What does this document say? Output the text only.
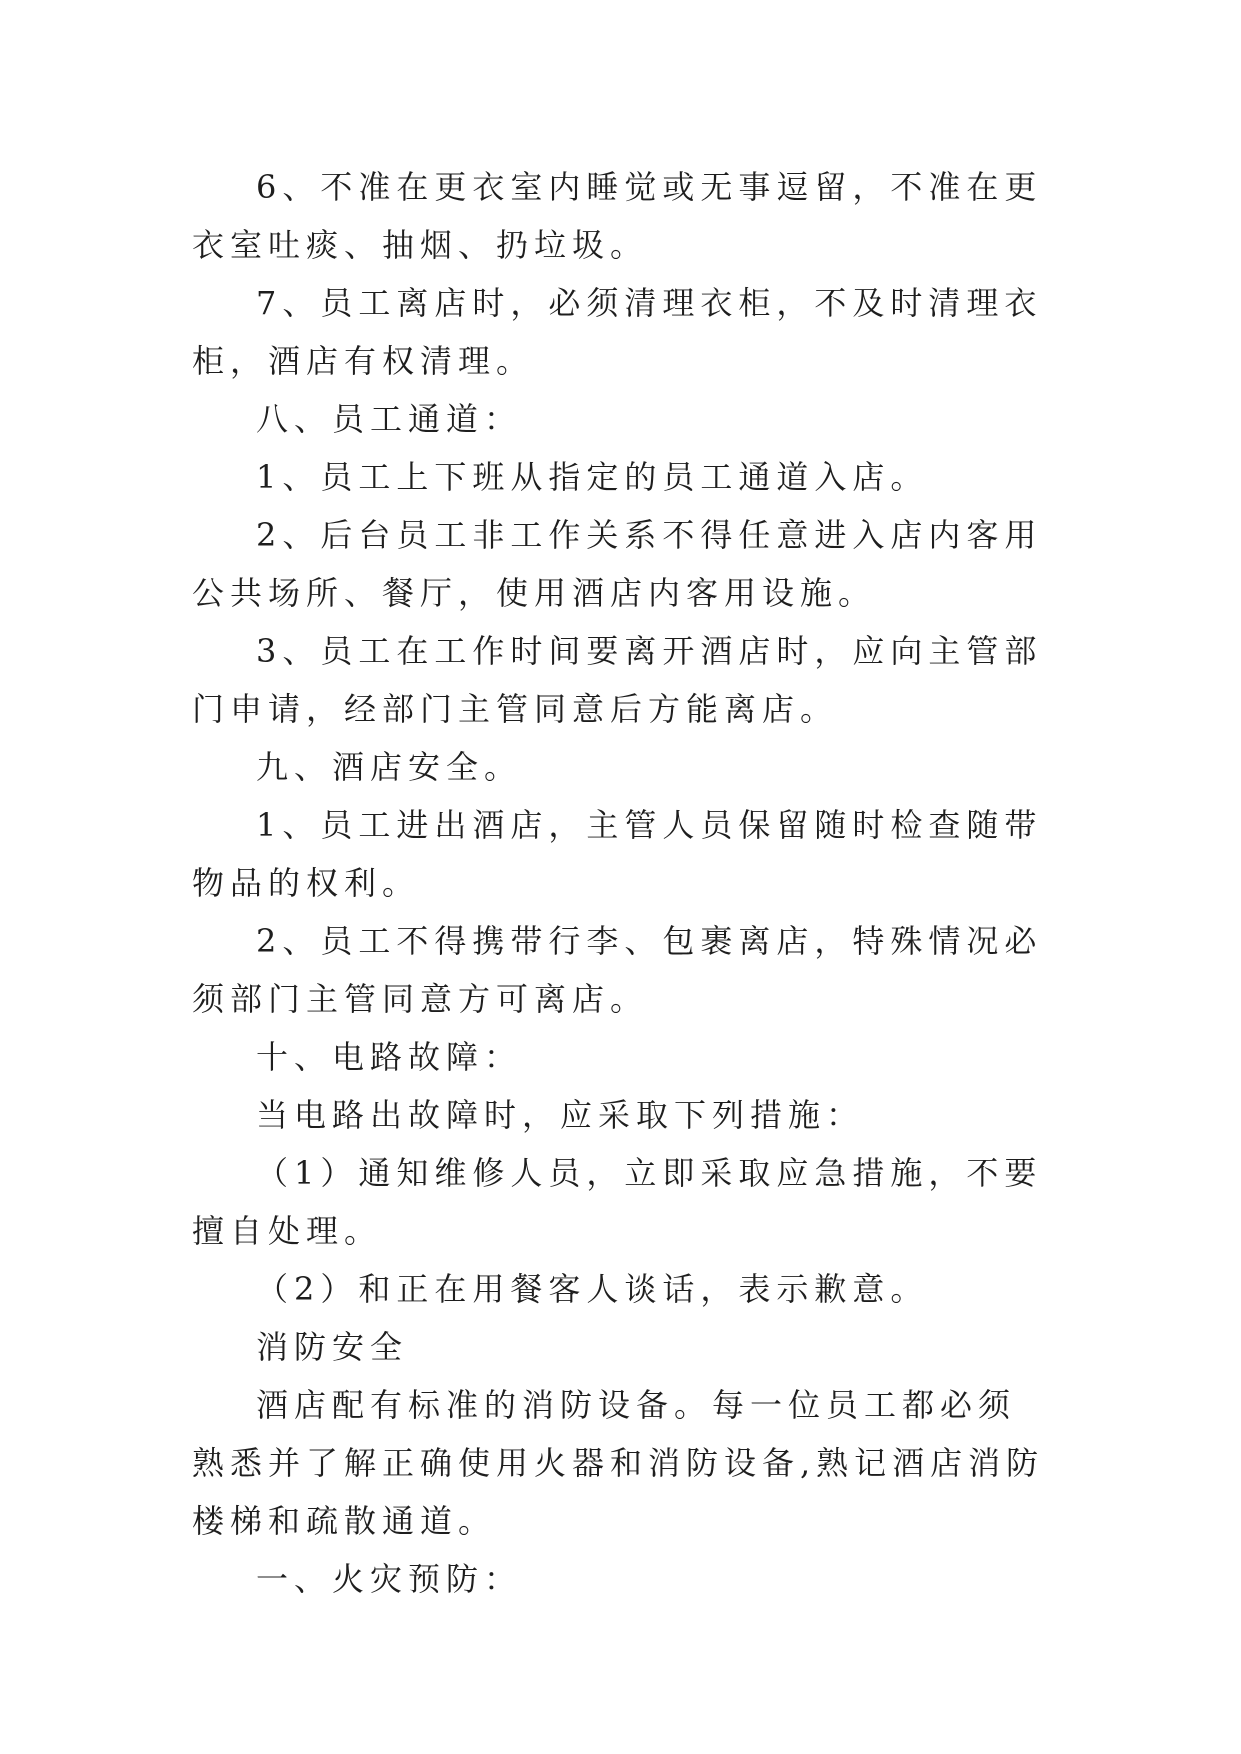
6、不准在更衣室内睡觉或无事逗留，不准在更衣室吐痰、抽烟、扔垃圾。

7、员工离店时，必须清理衣柜，不及时清理衣柜，酒店有权清理。

八、员工通道：

1、员工上下班从指定的员工通道入店。

2、后台员工非工作关系不得任意进入店内客用公共场所、餐厅，使用酒店内客用设施。

3、员工在工作时间要离开酒店时，应向主管部门申请，经部门主管同意后方能离店。

九、酒店安全。

1、员工进出酒店，主管人员保留随时检查随带物品的权利。

2、员工不得携带行李、包裹离店，特殊情况必须部门主管同意方可离店。

十、电路故障：

当电路出故障时，应采取下列措施：

（1）通知维修人员，立即采取应急措施，不要擅自处理。

（2）和正在用餐客人谈话，表示歉意。

消防安全

酒店配有标准的消防设备。每一位员工都必须熟悉并了解正确使用火器和消防设备,熟记酒店消防楼梯和疏散通道。

一、火灾预防：
